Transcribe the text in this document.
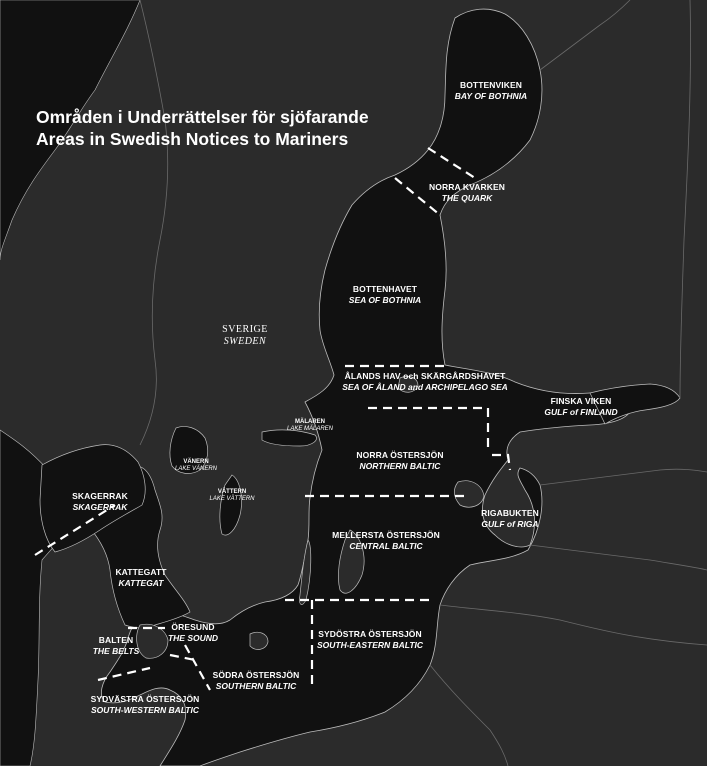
Områden i Underrättelser för sjöfarande
Areas in Swedish Notices to Mariners
SVERIGE
SWEDEN
BOTTENVIKEN
BAY OF BOTHNIA
NORRA KVARKEN
THE QUARK
BOTTENHAVET
SEA OF BOTHNIA
ÅLANDS HAV och SKÄRGÅRDSHAVET
SEA OF ÅLAND and ARCHIPELAGO SEA
FINSKA VIKEN
GULF of FINLAND
NORRA ÖSTERSJÖN
NORTHERN BALTIC
RIGABUKTEN
GULF of RIGA
MELLERSTA ÖSTERSJÖN
CENTRAL BALTIC
SKAGERRAK
SKAGERRAK
KATTEGATT
KATTEGAT
ÖRESUND
THE SOUND
BALTEN
THE BELTS
SYDÖSTRA ÖSTERSJÖN
SOUTH-EASTERN BALTIC
SÖDRA ÖSTERSJÖN
SOUTHERN BALTIC
SYDVÄSTRA ÖSTERSJÖN
SOUTH-WESTERN BALTIC
MÄLAREN
LAKE MÄLAREN
VÄNERN
LAKE VÄNERN
VÄTTERN
LAKE VÄTTERN
